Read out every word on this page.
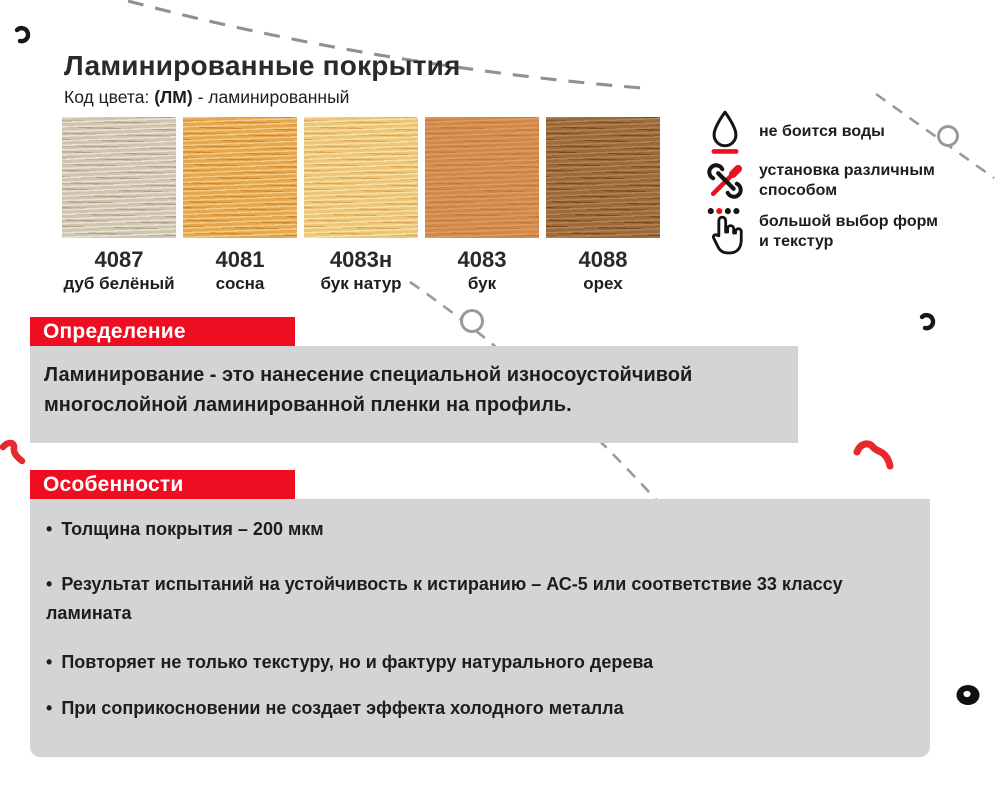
Ламинированные покрытия
Код цвета: (ЛМ) - ламинированный
4087
дуб белёный
4081
сосна
4083н
бук натур
4083
бук
4088
орех
не боится воды
установка различным
способом
большой выбор форм
и текстур
Определение

Ламинирование - это нанесение специальной износоустойчивой многослойной ламинированной пленки на профиль.

Особенности
• Толщина покрытия – 200 мкм
• Результат испытаний на устойчивость к истиранию – АС-5 или соответствие 33 классу ламината
• Повторяет не только текстуру, но и фактуру натурального дерева
• При соприкосновении не создает эффекта холодного металла
